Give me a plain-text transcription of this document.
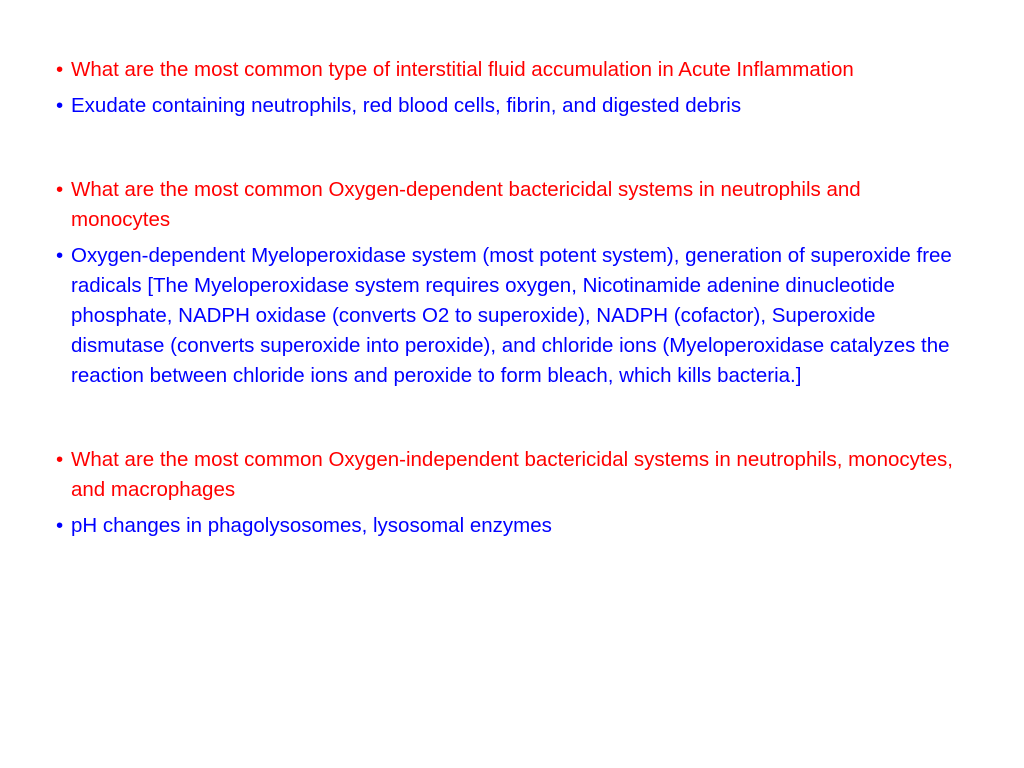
• What are the most common type of interstitial fluid accumulation in Acute Inflammation
• Exudate containing neutrophils, red blood cells, fibrin, and digested debris
• What are the most common Oxygen-dependent bactericidal systems in neutrophils and monocytes
• Oxygen-dependent Myeloperoxidase system (most potent system), generation of superoxide free radicals [The Myeloperoxidase system requires oxygen, Nicotinamide adenine dinucleotide phosphate, NADPH oxidase (converts O2 to superoxide), NADPH (cofactor), Superoxide dismutase (converts superoxide into peroxide), and chloride ions (Myeloperoxidase catalyzes the reaction between chloride ions and peroxide to form bleach, which kills bacteria.]
• What are the most common Oxygen-independent bactericidal systems in neutrophils, monocytes, and macrophages
• pH changes in phagolysosomes, lysosomal enzymes
